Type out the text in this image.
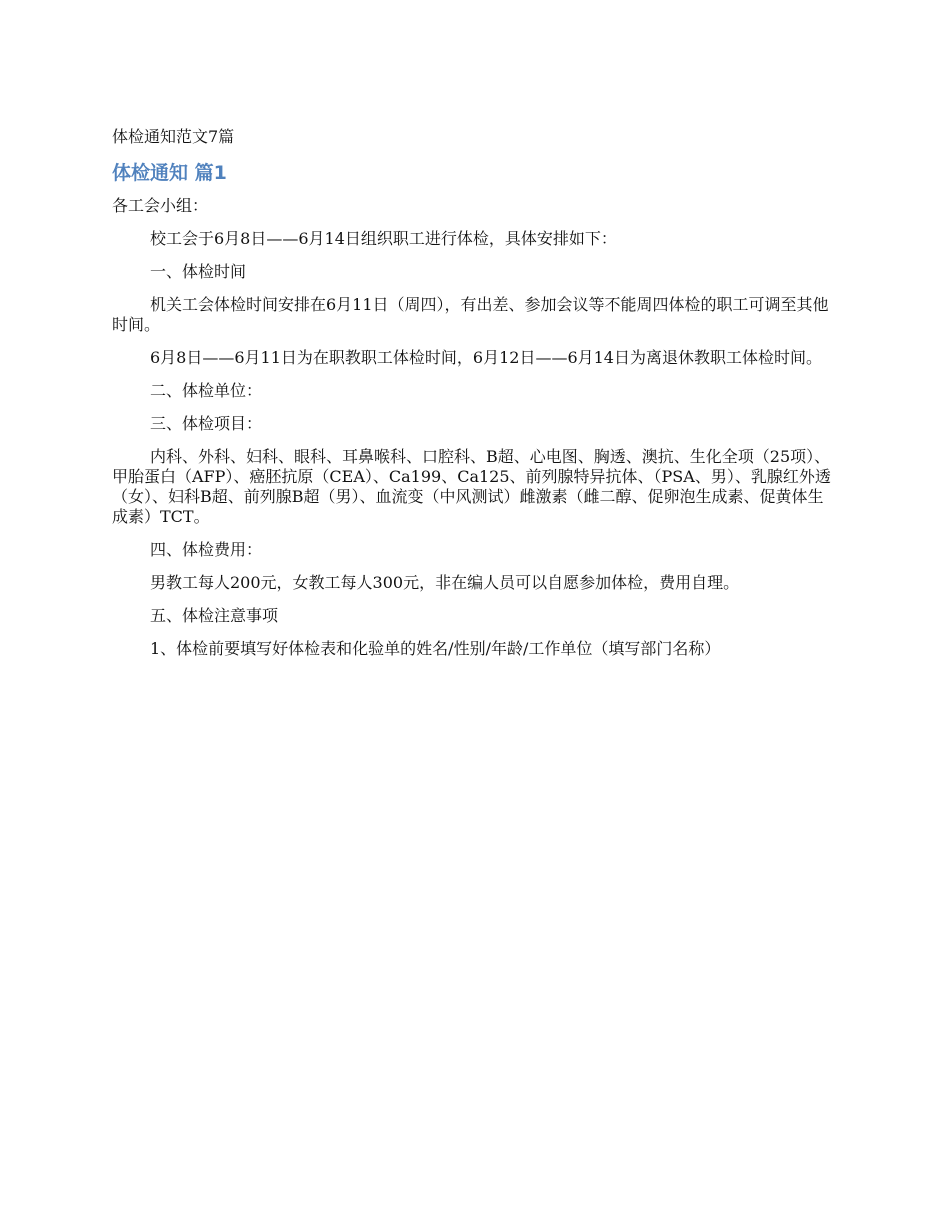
体检通知范文7篇
体检通知 篇1
各工会小组：
校工会于6月8日——6月14日组织职工进行体检，具体安排如下：
一、体检时间
机关工会体检时间安排在6月11日（周四），有出差、参加会议等不能周四体检的职工可调至其他时间。
6月8日——6月11日为在职教职工体检时间，6月12日——6月14日为离退休教职工体检时间。
二、体检单位：
三、体检项目：
内科、外科、妇科、眼科、耳鼻喉科、口腔科、B超、心电图、胸透、澳抗、生化全项（25项）、甲胎蛋白（AFP）、癌胚抗原（CEA）、Ca199、Ca125、前列腺特异抗体、（PSA、男）、乳腺红外透（女）、妇科B超、前列腺B超（男）、血流变（中风测试）雌激素（雌二醇、促卵泡生成素、促黄体生成素）TCT。
四、体检费用：
男教工每人200元，女教工每人300元，非在编人员可以自愿参加体检，费用自理。
五、体检注意事项
1、体检前要填写好体检表和化验单的姓名/性别/年龄/工作单位（填写部门名称）
